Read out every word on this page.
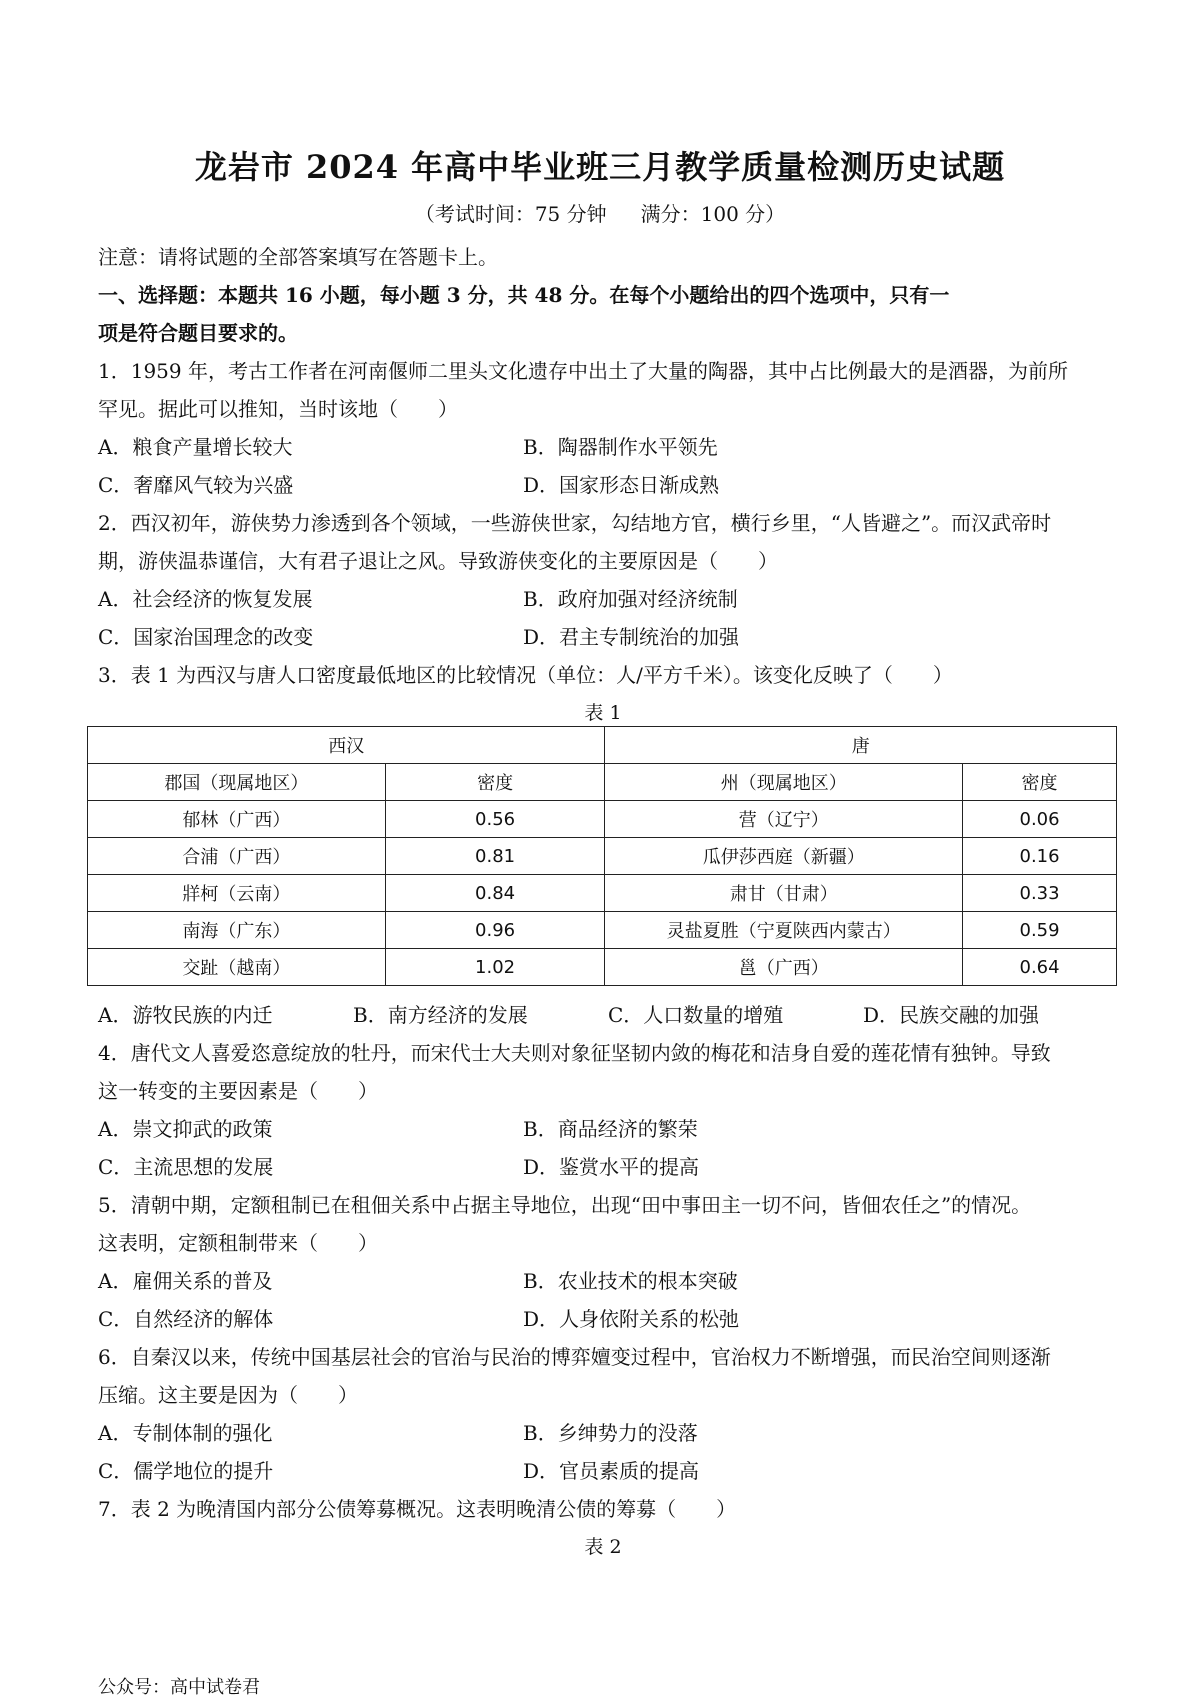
龙岩市 2024 年高中毕业班三月教学质量检测历史试题
（考试时间：75 分钟 满分：100 分）
注意：请将试题的全部答案填写在答题卡上。
一、选择题：本题共 16 小题，每小题 3 分，共 48 分。在每个小题给出的四个选项中，只有一
项是符合题目要求的。
1．1959 年，考古工作者在河南偃师二里头文化遗存中出土了大量的陶器，其中占比例最大的是酒器，为前所
罕见。据此可以推知，当时该地（　　）
A．粮食产量增长较大	B．陶器制作水平领先
C．奢靡风气较为兴盛	D．国家形态日渐成熟
2．西汉初年，游侠势力渗透到各个领域，一些游侠世家，勾结地方官，横行乡里，“人皆避之”。而汉武帝时
期，游侠温恭谨信，大有君子退让之风。导致游侠变化的主要原因是（　　）
A．社会经济的恢复发展	B．政府加强对经济统制
C．国家治国理念的改变	D．君主专制统治的加强
3．表 1 为西汉与唐人口密度最低地区的比较情况（单位：人/平方千米）。该变化反映了（　　）
表 1
西汉		唐	
郡国（现属地区）	密度	州（现属地区）	密度
郁林（广西）	0.56	营（辽宁）	0.06
合浦（广西）	0.81	瓜伊莎西庭（新疆）	0.16
牂柯（云南）	0.84	肃甘（甘肃）	0.33
南海（广东）	0.96	灵盐夏胜（宁夏陕西内蒙古）	0.59
交趾（越南）	1.02	邕（广西）	0.64
A．游牧民族的内迁	B．南方经济的发展	C．人口数量的增殖	D．民族交融的加强
4．唐代文人喜爱恣意绽放的牡丹，而宋代士大夫则对象征坚韧内敛的梅花和洁身自爱的莲花情有独钟。导致
这一转变的主要因素是（　　）
A．崇文抑武的政策	B．商品经济的繁荣
C．主流思想的发展	D．鉴赏水平的提高
5．清朝中期，定额租制已在租佃关系中占据主导地位，出现“田中事田主一切不问，皆佃农任之”的情况。
这表明，定额租制带来（　　）
A．雇佣关系的普及	B．农业技术的根本突破
C．自然经济的解体	D．人身依附关系的松弛
6．自秦汉以来，传统中国基层社会的官治与民治的博弈嬗变过程中，官治权力不断增强，而民治空间则逐渐
压缩。这主要是因为（　　）
A．专制体制的强化	B．乡绅势力的没落
C．儒学地位的提升	D．官员素质的提高
7．表 2 为晚清国内部分公债筹募概况。这表明晚清公债的筹募（　　）
表 2
公众号：高中试卷君
